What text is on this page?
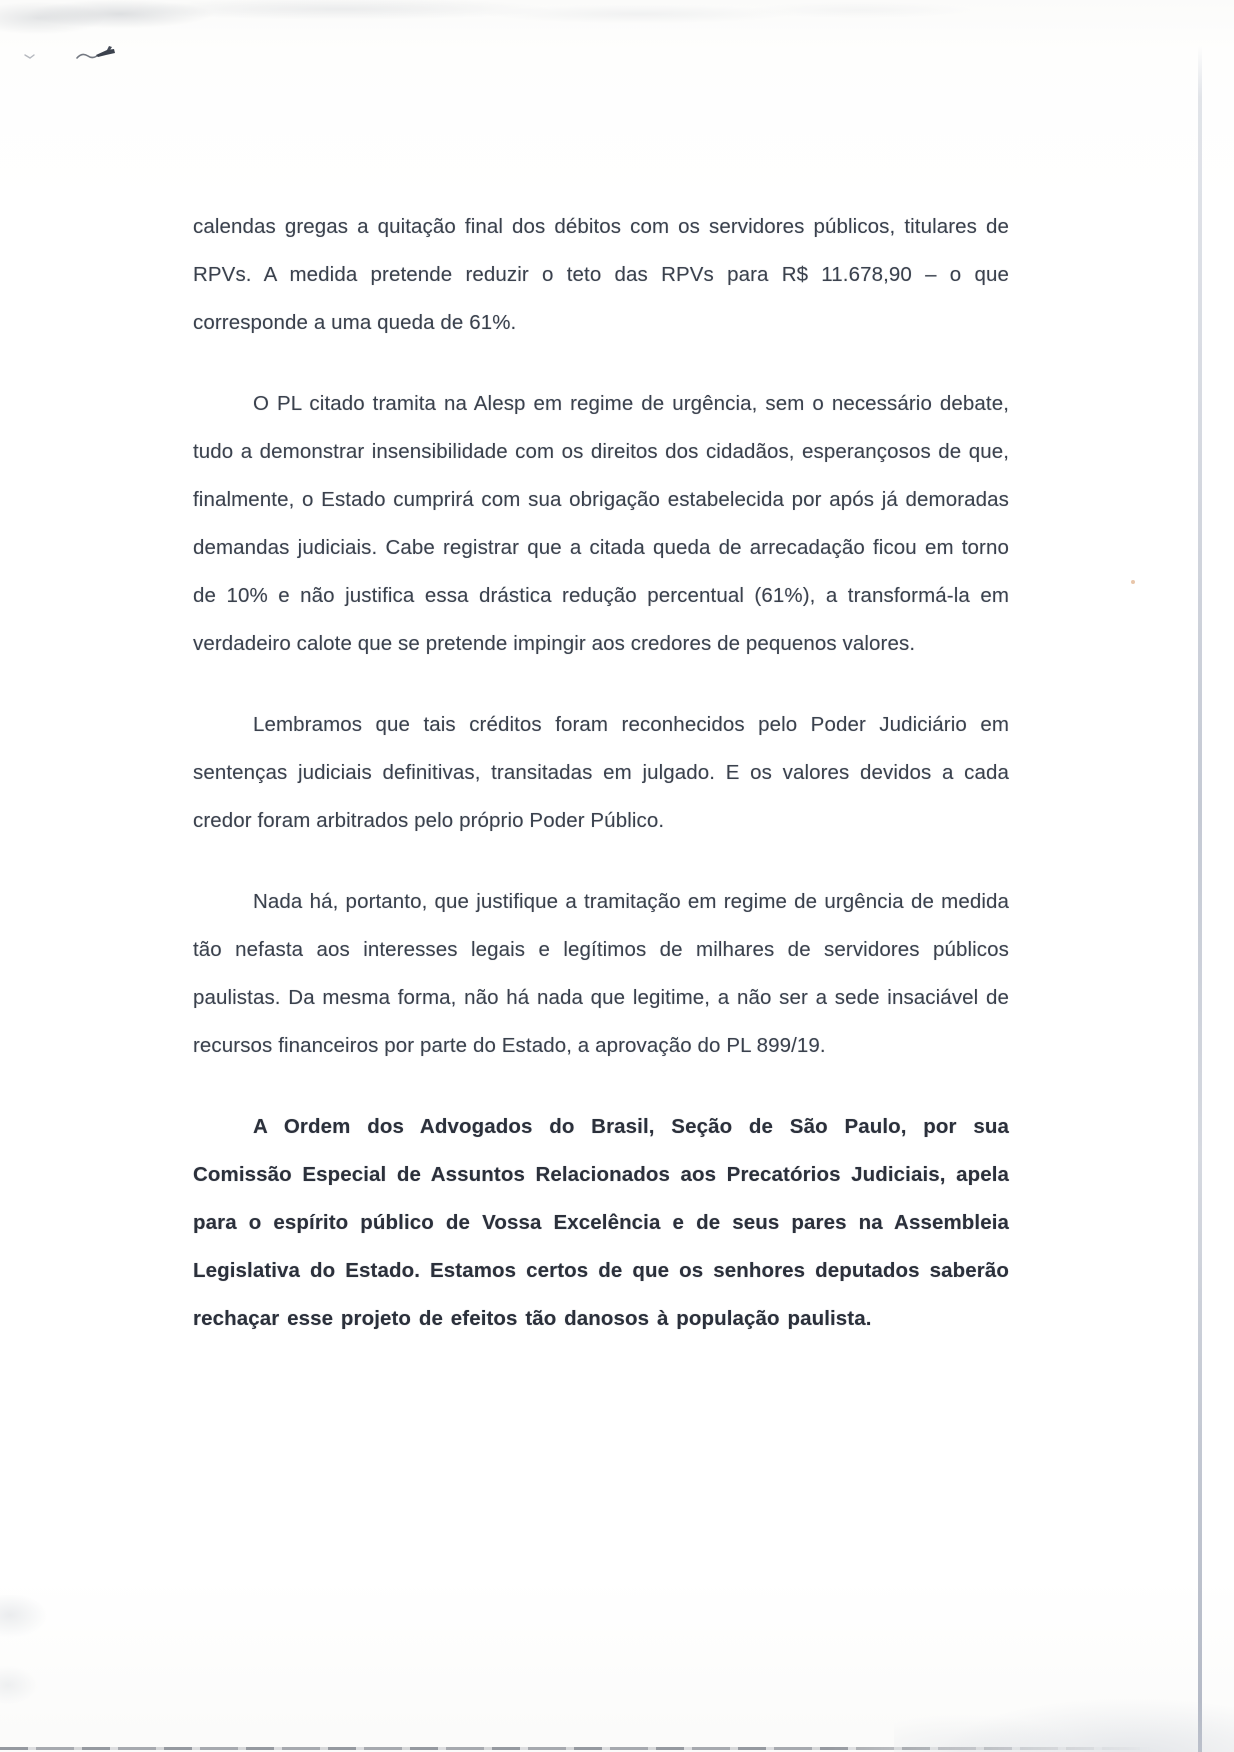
calendas gregas a quitação final dos débitos com os servidores públicos, titulares de RPVs. A medida pretende reduzir o teto das RPVs para R$ 11.678,90 – o que corresponde a uma queda de 61%.

O PL citado tramita na Alesp em regime de urgência, sem o necessário debate, tudo a demonstrar insensibilidade com os direitos dos cidadãos, esperançosos de que, finalmente, o Estado cumprirá com sua obrigação estabelecida por após já demoradas demandas judiciais. Cabe registrar que a citada queda de arrecadação ficou em torno de 10% e não justifica essa drástica redução percentual (61%), a transformá-la em verdadeiro calote que se pretende impingir aos credores de pequenos valores.

Lembramos que tais créditos foram reconhecidos pelo Poder Judiciário em sentenças judiciais definitivas, transitadas em julgado. E os valores devidos a cada credor foram arbitrados pelo próprio Poder Público.

Nada há, portanto, que justifique a tramitação em regime de urgência de medida tão nefasta aos interesses legais e legítimos de milhares de servidores públicos paulistas. Da mesma forma, não há nada que legitime, a não ser a sede insaciável de recursos financeiros por parte do Estado, a aprovação do PL 899/19.

A Ordem dos Advogados do Brasil, Seção de São Paulo, por sua Comissão Especial de Assuntos Relacionados aos Precatórios Judiciais, apela para o espírito público de Vossa Excelência e de seus pares na Assembleia Legislativa do Estado. Estamos certos de que os senhores deputados saberão rechaçar esse projeto de efeitos tão danosos à população paulista.
